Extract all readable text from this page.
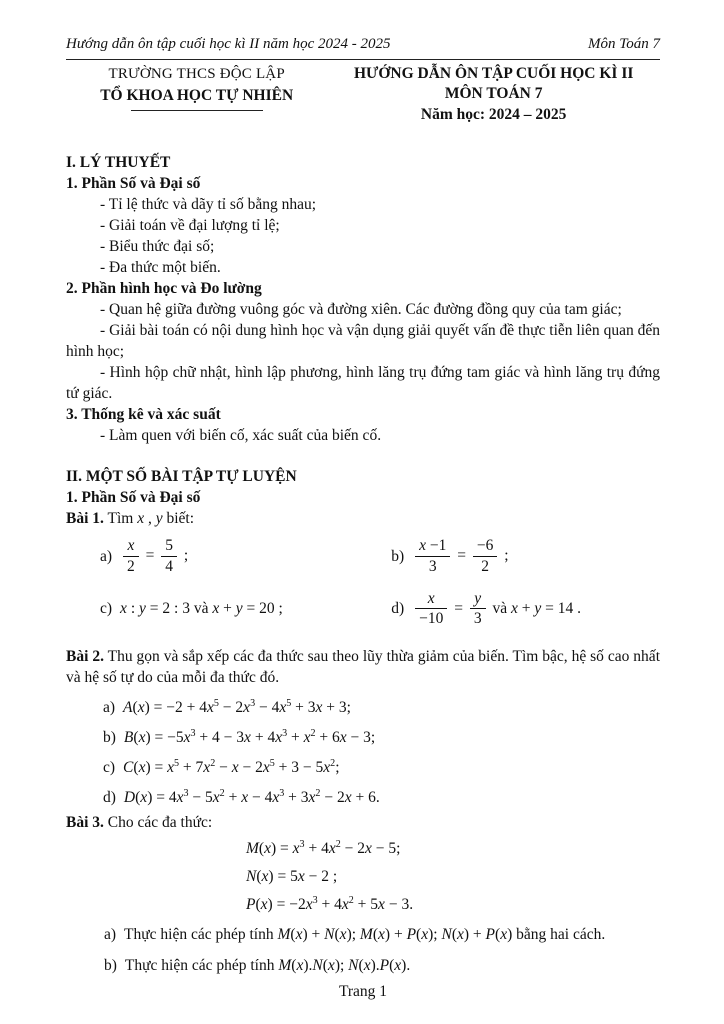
Hướng dẫn ôn tập cuối học kì II năm học 2024 - 2025	Môn Toán 7
TRƯỜNG THCS ĐỘC LẬP
TỔ KHOA HỌC TỰ NHIÊN
HƯỚNG DẪN ÔN TẬP CUỐI HỌC KÌ II
MÔN TOÁN 7
Năm học: 2024 – 2025
I. LÝ THUYẾT
1. Phần Số và Đại số
- Tỉ lệ thức và dãy tỉ số bằng nhau;
- Giải toán về đại lượng tỉ lệ;
- Biểu thức đại số;
- Đa thức một biến.
2. Phần hình học và Đo lường
- Quan hệ giữa đường vuông góc và đường xiên. Các đường đồng quy của tam giác;
- Giải bài toán có nội dung hình học và vận dụng giải quyết vấn đề thực tiễn liên quan đến hình học;
- Hình hộp chữ nhật, hình lập phương, hình lăng trụ đứng tam giác và hình lăng trụ đứng tứ giác.
3. Thống kê và xác suất
- Làm quen với biến cố, xác suất của biến cố.
II. MỘT SỐ BÀI TẬP TỰ LUYỆN
1. Phần Số và Đại số
Bài 1. Tìm x , y biết:
$a) \frac{x}{2} = \frac{5}{4}$ ;	$b) \frac{x -1}{3} = \frac{-6}{2}$ ;
c) x : y = 2 : 3 và x + y = 20 ;	$d) \frac{x}{-10} = \frac{y}{3}$ và x + y = 14 .
Bài 2. Thu gọn và sắp xếp các đa thức sau theo lũy thừa giảm của biến. Tìm bậc, hệ số cao nhất và hệ số tự do của mỗi đa thức đó.
a) $A(x) = -2 + 4x^5 - 2x^3 - 4x^5 + 3x + 3$;
b) $B(x) = -5x^3 + 4 - 3x + 4x^3 + x^2 + 6x - 3$;
c) $C(x) = x^5 + 7x^2 - x - 2x^5 + 3 - 5x^2$;
d) $D(x) = 4x^3 - 5x^2 + x - 4x^3 + 3x^2 - 2x + 6$.
Bài 3. Cho các đa thức:
$M(x) = x^3 + 4x^2 - 2x - 5$;
N(x) = 5x − 2 ;
$P(x) = -2x^3 + 4x^2 + 5x - 3$.
a) Thực hiện các phép tính M(x) + N(x); M(x) + P(x); N(x) + P(x) bằng hai cách.
b) Thực hiện các phép tính M(x).N(x); N(x).P(x).
Trang 1
